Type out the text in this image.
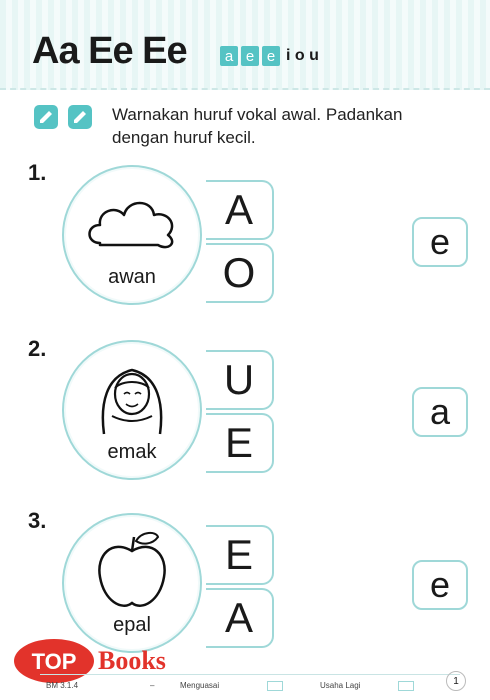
Aa Ee Ee	a e e i o u
Warnakan huruf vokal awal. Padankan dengan huruf kecil.
1.
awan
A
O
e
2.
emak
U
E
a
3.
epal
E
A
e
TOP Books
BM 3.1.4	–	Menguasai	Usaha Lagi	1
